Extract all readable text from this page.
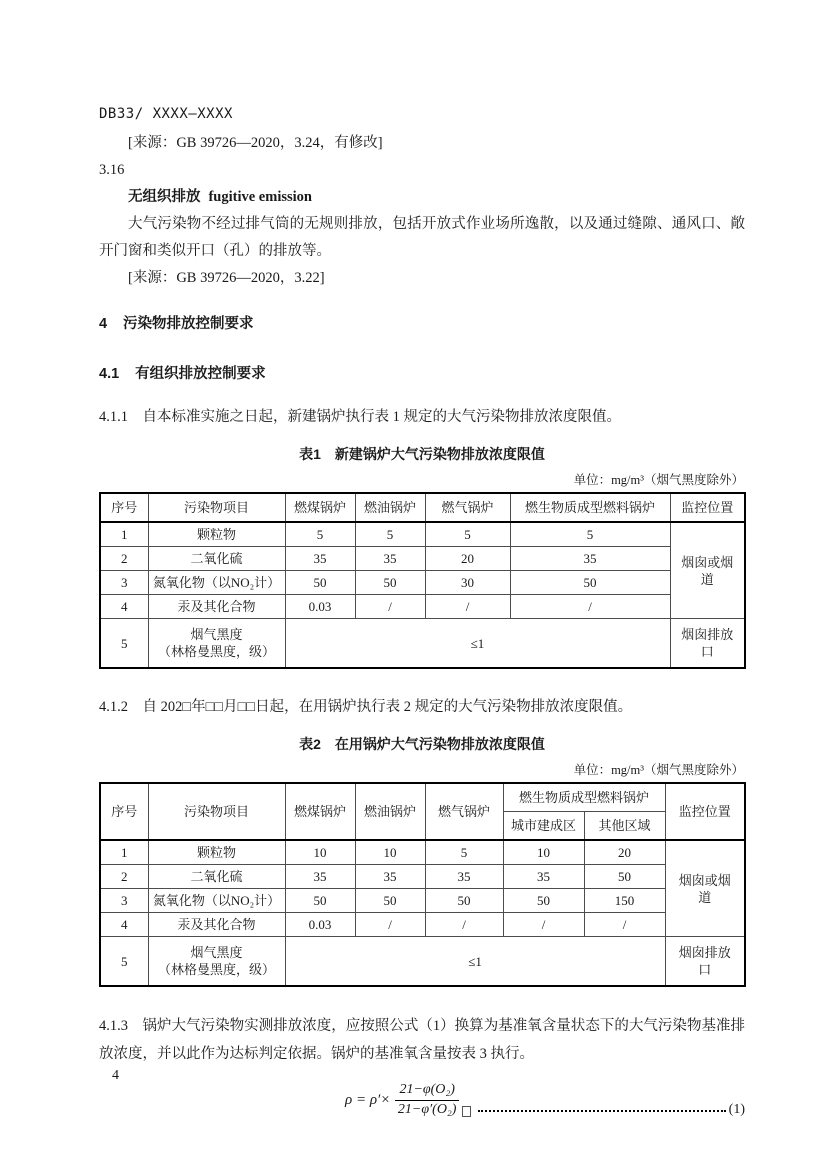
DB33/ XXXX—XXXX

[来源：GB 39726—2020，3.24，有修改]

3.16

无组织排放 fugitive emission

大气污染物不经过排气筒的无规则排放，包括开放式作业场所逸散，以及通过缝隙、通风口、敞开门窗和类似开口（孔）的排放等。

[来源：GB 39726—2020，3.22]

4 污染物排放控制要求
4.1 有组织排放控制要求

4.1.1 自本标准实施之日起，新建锅炉执行表 1 规定的大气污染物排放浓度限值。

表1 新建锅炉大气污染物排放浓度限值
单位：mg/m³（烟气黑度除外）
序号	污染物项目	燃煤锅炉	燃油锅炉	燃气锅炉	燃生物质成型燃料锅炉	监控位置
1	颗粒物	5	5	5	5	烟囱或烟道
2	二氧化硫	35	35	20	35	
3	氮氧化物（以NO₂计）	50	50	30	50	
4	汞及其化合物	0.03	/	/	/	
5	烟气黑度
（林格曼黑度，级）	≤1				烟囱排放口

4.1.2 自 202□年□□月□□日起，在用锅炉执行表 2 规定的大气污染物排放浓度限值。

表2 在用锅炉大气污染物排放浓度限值
单位：mg/m³（烟气黑度除外）
序号	污染物项目	燃煤锅炉	燃油锅炉	燃气锅炉	燃生物质成型燃料锅炉		监控位置
					城市建成区	其他区域	
1	颗粒物	10	10	5	10	20	烟囱或烟道
2	二氧化硫	35	35	35	35	50	
3	氮氧化物（以NO₂计）	50	50	50	50	150	
4	汞及其化合物	0.03	/	/	/	/	
5	烟气黑度
（林格曼黑度，级）	≤1					烟囱排放口

4.1.3 锅炉大气污染物实测排放浓度，应按照公式（1）换算为基准氧含量状态下的大气污染物基准排放浓度，并以此作为达标判定依据。锅炉的基准氧含量按表 3 执行。

$\rho = \rho'\times \frac{\text{21−φ(O₂)}}{\text{21−φ′(O₂)}}$	(1)
4
